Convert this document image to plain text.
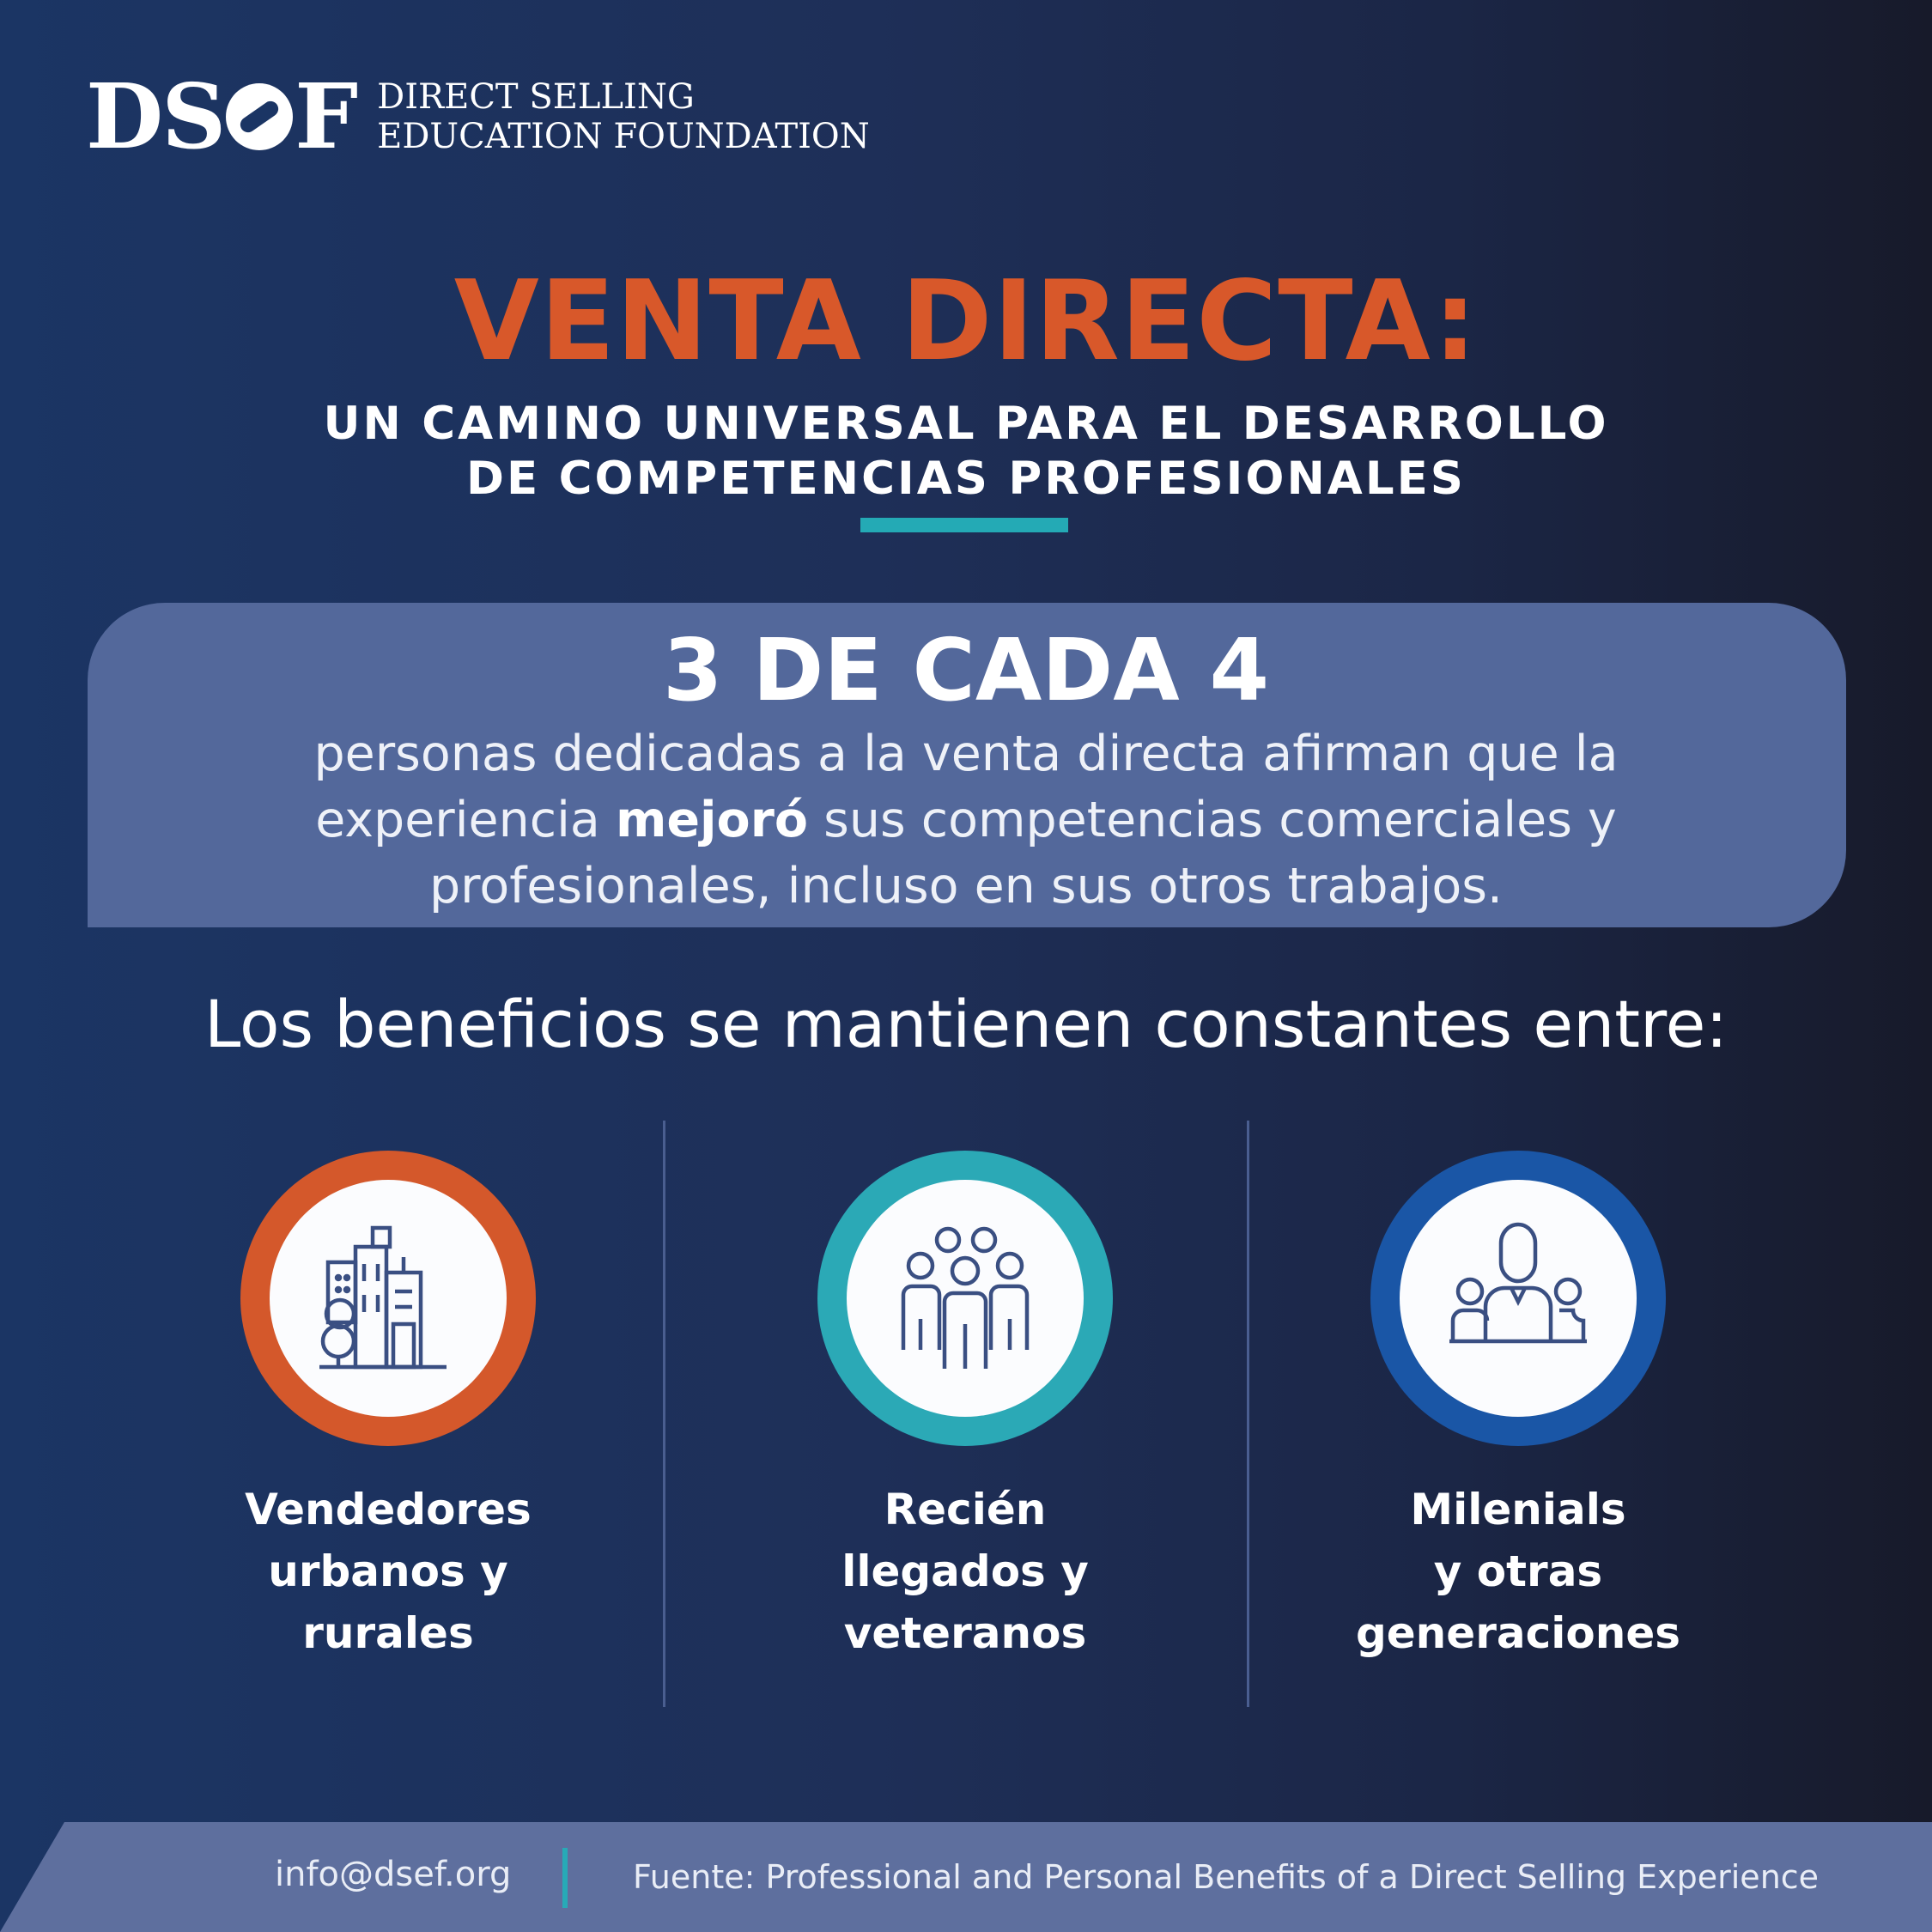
DS F DIRECT SELLING
EDUCATION FOUNDATION
VENTA DIRECTA:
UN CAMINO UNIVERSAL PARA EL DESARROLLO
DE COMPETENCIAS PROFESIONALES
3 DE CADA 4
personas dedicadas a la venta directa afirman que la
experiencia mejoró sus competencias comerciales y
profesionales, incluso en sus otros trabajos.
Los beneficios se mantienen constantes entre:
Vendedores
urbanos y
rurales
Recién
llegados y
veteranos
Milenials
y otras
generaciones
info@dsef.org	Fuente: Professional and Personal Benefits of a Direct Selling Experience
